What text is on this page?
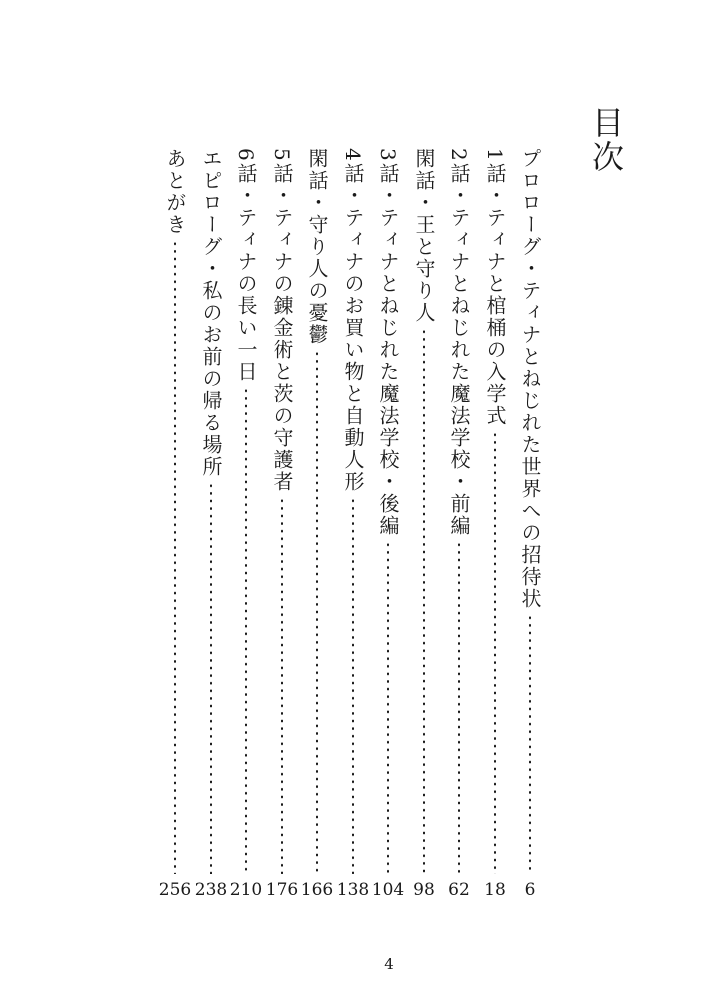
目次
プロローグ・ティナとねじれた世界への招待状
6
1話・ティナと棺桶の入学式
18
2話・ティナとねじれた魔法学校・前編
62
閑話・王と守り人
98
3話・ティナとねじれた魔法学校・後編
104
4話・ティナのお買い物と自動人形
138
閑話・守り人の憂鬱
166
5話・ティナの錬金術と茨の守護者
176
6話・ティナの長い一日
210
エピローグ・私のお前の帰る場所
238
あとがき
256
4
